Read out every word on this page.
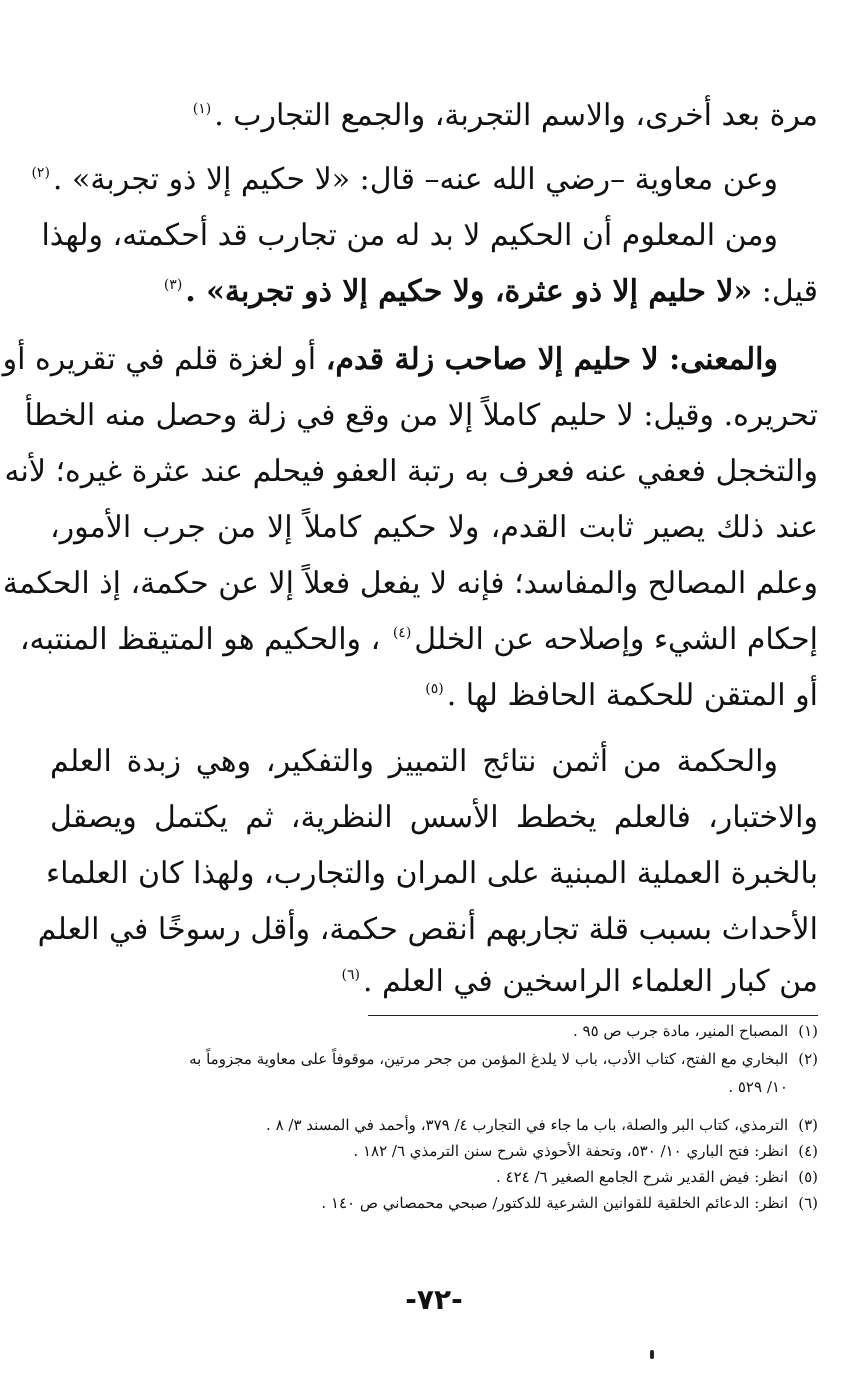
مرة بعد أخرى، والاسم التجربة، والجمع التجارب .$^{(١)}$
وعن معاوية –رضي الله عنه– قال: «لا حكيم إلا ذو تجربة» .$^{(٢)}$
ومن المعلوم أن الحكيم لا بد له من تجارب قد أحكمته، ولهذا
قيل: «لا حليم إلا ذو عثرة، ولا حكيم إلا ذو تجربة» .$^{(٣)}$
والمعنى: لا حليم إلا صاحب زلة قدم، أو لغزة قلم في تقريره أو
تحريره. وقيل: لا حليم كاملاً إلا من وقع في زلة وحصل منه الخطأ
والتخجل فعفي عنه فعرف به رتبة العفو فيحلم عند عثرة غيره؛ لأنه
عند ذلك يصير ثابت القدم، ولا حكيم كاملاً إلا من جرب الأمور،
وعلم المصالح والمفاسد؛ فإنه لا يفعل فعلاً إلا عن حكمة، إذ الحكمة
إحكام الشيء وإصلاحه عن الخلل$^{(٤)}$ ، والحكيم هو المتيقظ المنتبه،
أو المتقن للحكمة الحافظ لها .$^{(٥)}$
والحكمة من أثمن نتائج التمييز والتفكير، وهي زبدة العلم
والاختبار، فالعلم يخطط الأسس النظرية، ثم يكتمل ويصقل
بالخبرة العملية المبنية على المران والتجارب، ولهذا كان العلماء
الأحداث بسبب قلة تجاربهم أنقص حكمة، وأقل رسوخًا في العلم
من كبار العلماء الراسخين في العلم .$^{(٦)}$
(١)المصباح المنير، مادة جرب ص ٩٥ .
(٢)البخاري مع الفتح، كتاب الأدب، باب لا يلدغ المؤمن من جحر مرتين، موقوفاً على معاوية مجزوماً به
١٠/ ٥٢٩ .
(٣)الترمذي، كتاب البر والصلة، باب ما جاء في التجارب ٤/ ٣٧٩، وأحمد في المسند ٣/ ٨ .
(٤)انظر: فتح الباري ١٠/ ٥٣٠، وتحفة الأحوذي شرح سنن الترمذي ٦/ ١٨٢ .
(٥)انظر: فيض القدير شرح الجامع الصغير ٦/ ٤٢٤ .
(٦)انظر: الدعائم الخلقية للقوانين الشرعية للدكتور/ صبحي محمصاني ص ١٤٠ .
-٧٢-
